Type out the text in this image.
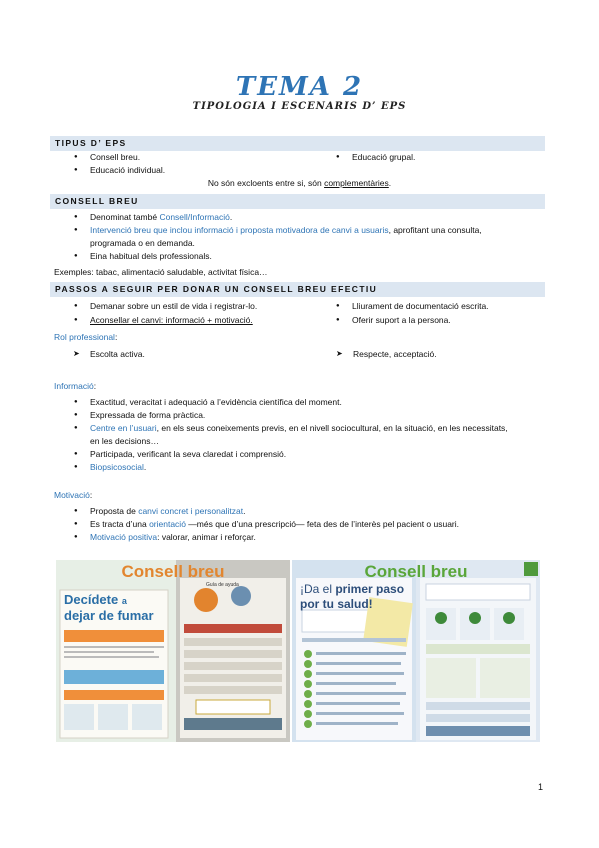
TEMA 2
TIPOLOGIA I ESCENARIS D’ EPS
TIPUS D’ EPS
● Consell breu.
● Educació individual.
● Educació grupal.
No són excloents entre si, són complementàries.
CONSELL BREU
● Denominat també Consell/Informació.
● Intervenció breu que inclou informació i proposta motivadora de canvi a usuaris, aprofitant una consulta,
programada o en demanda.
● Eina habitual dels professionals.
Exemples: tabac, alimentació saludable, activitat física…
PASSOS A SEGUIR PER DONAR UN CONSELL BREU EFECTIU
● Demanar sobre un estil de vida i registrar-lo.
● Aconsellar el canvi: informació + motivació.
● Lliurament de documentació escrita.
● Oferir suport a la persona.
Rol professional:
➤ Escolta activa.
➤	Respecte, acceptació.
Informació:
● Exactitud, veracitat i adequació a l’evidència científica del moment.
● Expressada de forma pràctica.
● Centre en l’usuari, en els seus coneixements previs, en el nivell sociocultural, en la situació, en les necessitats,
en les decisions…
● Participada, verificant la seva claredat i comprensió.
● Biopsicosocial.
Motivació:
● Proposta de canvi concret i personalitzat.
● Es tracta d’una orientació —més que d’una prescripció— feta des de l’interès pel pacient o usuari.
● Motivació positiva: valorar, animar i reforçar.
Consell breu
Decídete a
dejar de fumar
Guía de ayuda
Consell breu
¡Da el primer paso
por tu salud!
1
